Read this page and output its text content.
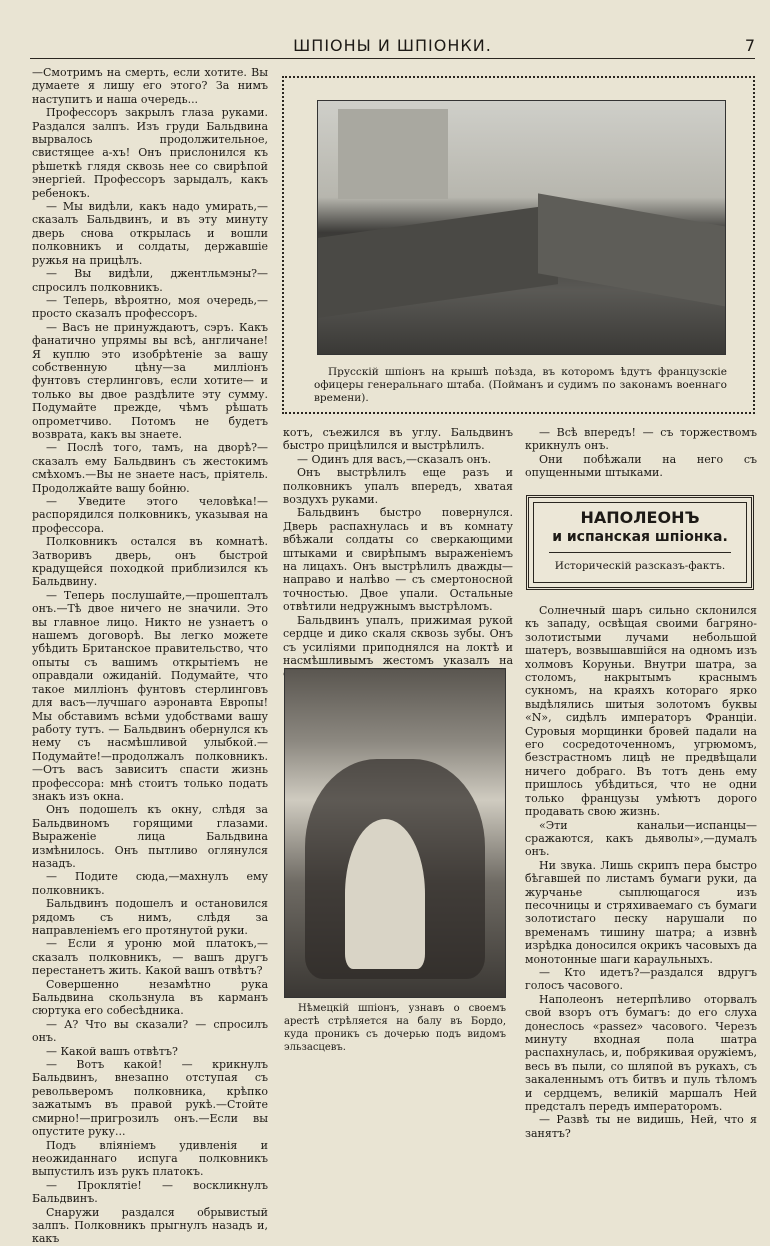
ШПIОНЫ И ШПIОНКИ.	7

—Смотримъ на смерть, если хотите. Вы думаете я лишу его этого? За нимъ наступитъ и наша очередь...

Профессоръ закрылъ глаза руками. Раздался залпъ. Изъ груди Бальдвина вырвалось продолжительное, свистящее а-хъ! Онъ прислонился къ рѣшеткѣ глядя сквозь нее со свирѣпой энергіей. Профессоръ зарыдалъ, какъ ребенокъ.

— Мы видѣли, какъ надо умирать,— сказалъ Бальдвинъ, и въ эту минуту дверь снова открылась и вошли полковникъ и солдаты, державшіе ружья на прицѣлъ.

— Вы видѣли, джентльмэны?—спросилъ полковникъ.

— Теперь, вѣроятно, моя очередь,— просто сказалъ профессоръ.

— Васъ не принуждаютъ, сэръ. Какъ фанатично упрямы вы всѣ, англичане! Я куплю это изобрѣтеніе за вашу собственную цѣну—за милліонъ фунтовъ стерлинговъ, если хотите— и только вы двое раздѣлите эту сумму. Подумайте прежде, чѣмъ рѣшать опрометчиво. Потомъ не будетъ возврата, какъ вы знаете.

— Послѣ того, тамъ, на дворѣ?— сказалъ ему Бальдвинъ съ жестокимъ смѣхомъ.—Вы не знаете насъ, пріятель. Продолжайте вашу бойню.

— Уведите этого человѣка!—распорядился полковникъ, указывая на профессора.

Полковникъ остался въ комнатѣ. Затворивъ дверь, онъ быстрой крадущейся походкой приблизился къ Бальдвину.

— Теперь послушайте,—прошепталъ онъ.—Тѣ двое ничего не значили. Это вы главное лицо. Никто не узнаетъ о нашемъ договорѣ. Вы легко можете убѣдить Британское правительство, что опыты съ вашимъ открытіемъ не оправдали ожиданій. Подумайте, что такое милліонъ фунтовъ стерлинговъ для васъ—лучшаго аэронавта Европы! Мы обставимъ всѣми удобствами вашу работу тутъ. — Бальдвинъ обернулся къ нему съ насмѣшливой улыбкой.—Подумайте!—продолжалъ полковникъ.—Отъ васъ зависитъ спасти жизнь профессора: мнѣ стоитъ только подать знакъ изъ окна.

Онъ подошелъ къ окну, слѣдя за Бальдвиномъ горящими глазами. Выраженіе лица Бальдвина измѣнилось. Онъ пытливо оглянулся назадъ.

— Подите сюда,—махнулъ ему полковникъ.

Бальдвинъ подошелъ и остановился рядомъ съ нимъ, слѣдя за направленіемъ его протянутой руки.

— Если я уроню мой платокъ,—сказалъ полковникъ, — вашъ другъ перестанетъ жить. Какой вашъ отвѣтъ?

Совершенно незамѣтно рука Бальдвина скользнула въ карманъ сюртука его собесѣдника.

— А? Что вы сказали? — спросилъ онъ.

— Какой вашъ отвѣтъ?

— Вотъ какой! — крикнулъ Бальдвинъ, внезапно отступая съ револьверомъ полковника, крѣпко зажатымъ въ правой рукѣ.—Стойте смирно!—пригрозилъ онъ.—Если вы опустите руку...

Подъ вліяніемъ удивленія и неожиданнаго испуга полковникъ выпустилъ изъ рукъ платокъ.

— Проклятіе! — воскликнулъ Бальдвинъ.

Снаружи раздался обрывистый залпъ. Полковникъ прыгнулъ назадъ и, какъ

Прусскій шпіонъ на крышѣ поѣзда, въ которомъ ѣдутъ французскіе офицеры генеральнаго штаба. (Пойманъ и судимъ по законамъ военнаго времени).

котъ, съежился въ углу. Бальдвинъ быстро прицѣлился и выстрѣлилъ.

— Одинъ для васъ,—сказалъ онъ.

Онъ выстрѣлилъ еще разъ и полковникъ упалъ впередъ, хватая воздухъ руками.

Бальдвинъ быстро повернулся. Дверь распахнулась и въ комнату вбѣжали солдаты со сверкающими штыками и свирѣпымъ выраженіемъ на лицахъ. Онъ выстрѣлилъ дважды—направо и налѣво — съ смертоносной точностью. Двое упали. Остальные отвѣтили недружнымъ выстрѣломъ.

Бальдвинъ упалъ, прижимая рукой сердце и дико скаля сквозь зубы. Онъ съ усиліями приподнялся на локтѣ и насмѣшливымъ жестомъ указалъ на

— Всѣ впередъ! — съ торжествомъ крикнулъ онъ.

Они побѣжали на него съ опущенными штыками.

НАПОЛЕОНЪ
и испанская шпіонка.
Историческій разсказъ-фактъ.

Солнечный шаръ сильно склонился къ западу, освѣщая своими багряно-золотистыми лучами небольшой шатеръ, возвышавшійся на одномъ изъ холмовъ Коруньи. Внутри шатра, за столомъ, накрытымъ краснымъ сукномъ, на краяхъ котораго ярко выдѣлялись шитыя золотомъ буквы «N», сидѣлъ императоръ Франціи. Суровыя морщинки бровей падали на его сосредоточенномъ, угрюмомъ, безстрастномъ лицѣ не предвѣщали ничего добраго. Въ тотъ день ему пришлось убѣдиться, что не одни только французы умѣютъ дорого продавать свою жизнь.

«Эти канальи—испанцы—сражаются, какъ дьяволы»,—думалъ онъ.

Ни звука. Лишь скрипъ пера быстро бѣгавшей по листамъ бумаги руки, да журчанье сыплющагося изъ песочницы и стряхиваемаго съ бумаги золотистаго песку нарушали по временамъ тишину шатра; а извнѣ изрѣдка доносился окрикъ часовыхъ да монотонные шаги караульныхъ.

— Кто идетъ?—раздался вдругъ голосъ часового.

Наполеонъ нетерпѣливо оторвалъ свой взоръ отъ бумагъ: до его слуха донеслось «passez» часового. Черезъ минуту входная пола шатра распахнулась, и, побрякивая оружіемъ, весь въ пыли, со шляпой въ рукахъ, съ закаленнымъ отъ битвъ и пуль тѣломъ и сердцемъ, великій маршалъ Ней предсталъ передъ императоромъ.

— Развѣ ты не видишь, Ней, что я занятъ?

Нѣмецкій шпіонъ, узнавъ о своемъ арестѣ стрѣляется на балу въ Бордо, куда проникъ съ дочерью подъ видомъ эльзасцевъ.
